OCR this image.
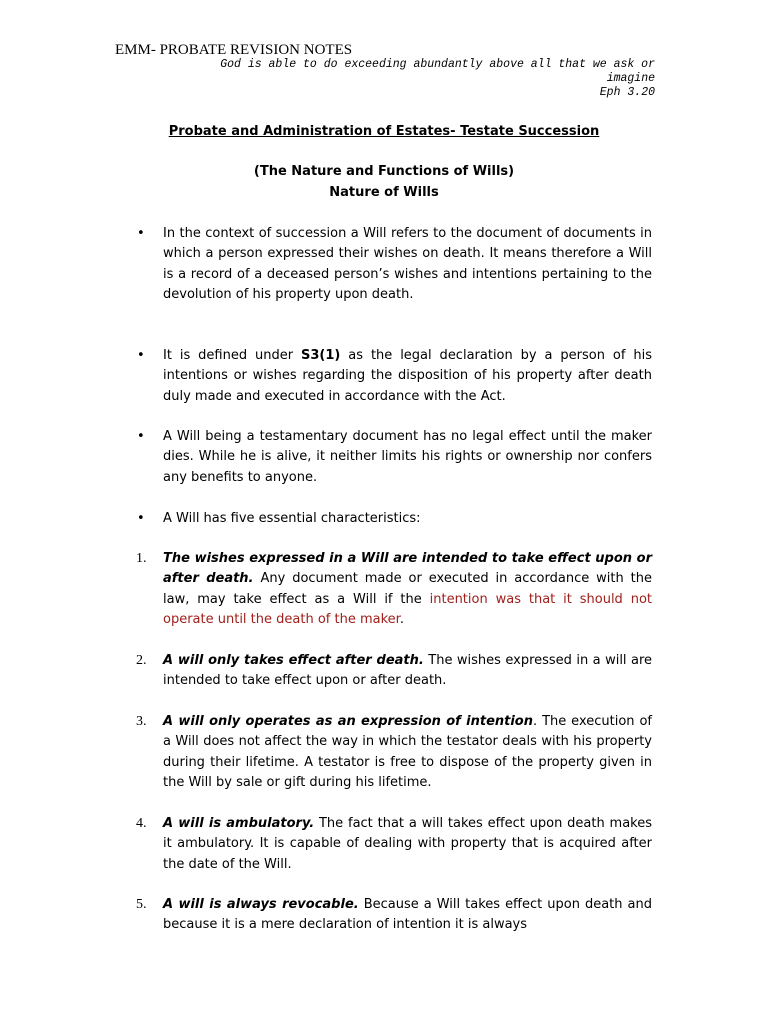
EMM- PROBATE REVISION NOTES
God is able to do exceeding abundantly above all that we ask or
imagine
Eph 3.20
Probate and Administration of Estates- Testate Succession
(The Nature and Functions of Wills)
Nature of Wills
• In the context of succession a Will refers to the document of documents in which a person expressed their wishes on death. It means therefore a Will is a record of a deceased person’s wishes and intentions pertaining to the devolution of his property upon death.
• It is defined under S3(1) as the legal declaration by a person of his intentions or wishes regarding the disposition of his property after death duly made and executed in accordance with the Act.
• A Will being a testamentary document has no legal effect until the maker dies. While he is alive, it neither limits his rights or ownership nor confers any benefits to anyone.
• A Will has five essential characteristics:
1. The wishes expressed in a Will are intended to take effect upon or after death. Any document made or executed in accordance with the law, may take effect as a Will if the intention was that it should not operate until the death of the maker.
2. A will only takes effect after death. The wishes expressed in a will are intended to take effect upon or after death.
3. A will only operates as an expression of intention. The execution of a Will does not affect the way in which the testator deals with his property during their lifetime. A testator is free to dispose of the property given in the Will by sale or gift during his lifetime.
4. A will is ambulatory. The fact that a will takes effect upon death makes it ambulatory. It is capable of dealing with property that is acquired after the date of the Will.
5. A will is always revocable. Because a Will takes effect upon death and because it is a mere declaration of intention it is always
